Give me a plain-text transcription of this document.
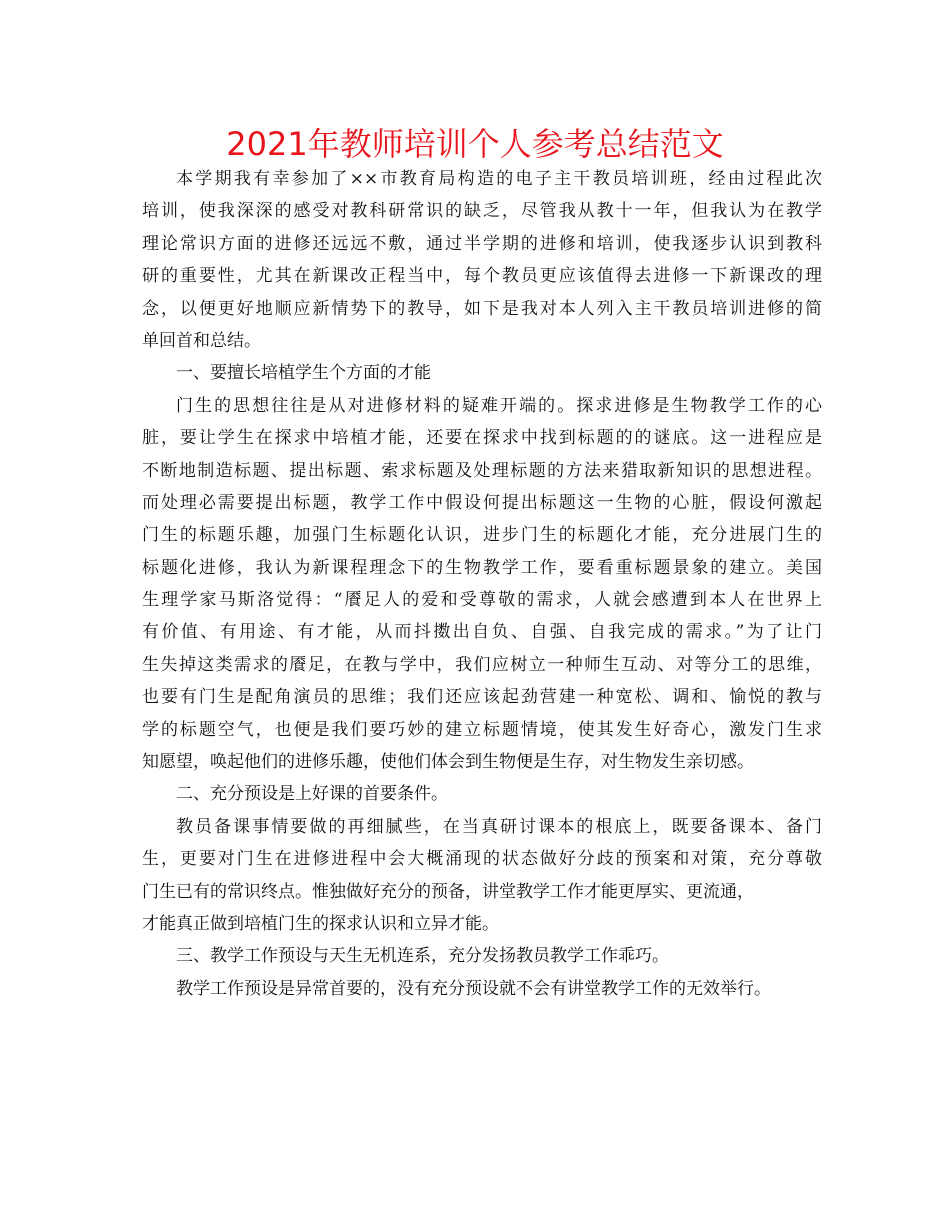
2021年教师培训个人参考总结范文
本学期我有幸参加了××市教育局构造的电子主干教员培训班，经由过程此次
培训，使我深深的感受对教科研常识的缺乏，尽管我从教十一年，但我认为在教学
理论常识方面的进修还远远不敷，通过半学期的进修和培训，使我逐步认识到教科
研的重要性，尤其在新课改正程当中，每个教员更应该值得去进修一下新课改的理
念，以便更好地顺应新情势下的教导，如下是我对本人列入主干教员培训进修的简
单回首和总结。
一、要擅长培植学生个方面的才能
门生的思想往往是从对进修材料的疑难开端的。探求进修是生物教学工作的心
脏，要让学生在探求中培植才能，还要在探求中找到标题的的谜底。这一进程应是
不断地制造标题、提出标题、索求标题及处理标题的方法来猎取新知识的思想进程。
而处理必需要提出标题，教学工作中假设何提出标题这一生物的心脏，假设何激起
门生的标题乐趣，加强门生标题化认识，进步门生的标题化才能，充分进展门生的
标题化进修，我认为新课程理念下的生物教学工作，要看重标题景象的建立。美国
生理学家马斯洛觉得：“餍足人的爱和受尊敬的需求，人就会感遭到本人在世界上
有价值、有用途、有才能，从而抖擞出自负、自强、自我完成的需求。”为了让门
生失掉这类需求的餍足，在教与学中，我们应树立一种师生互动、对等分工的思维，
也要有门生是配角演员的思维；我们还应该起劲营建一种宽松、调和、愉悦的教与
学的标题空气，也便是我们要巧妙的建立标题情境，使其发生好奇心，激发门生求
知愿望，唤起他们的进修乐趣，使他们体会到生物便是生存，对生物发生亲切感。
二、充分预设是上好课的首要条件。
教员备课事情要做的再细腻些，在当真研讨课本的根底上，既要备课本、备门
生，更要对门生在进修进程中会大概涌现的状态做好分歧的预案和对策，充分尊敬
门生已有的常识终点。惟独做好充分的预备，讲堂教学工作才能更厚实、更流通，
才能真正做到培植门生的探求认识和立异才能。
三、教学工作预设与天生无机连系，充分发扬教员教学工作乖巧。
教学工作预设是异常首要的，没有充分预设就不会有讲堂教学工作的无效举行。
